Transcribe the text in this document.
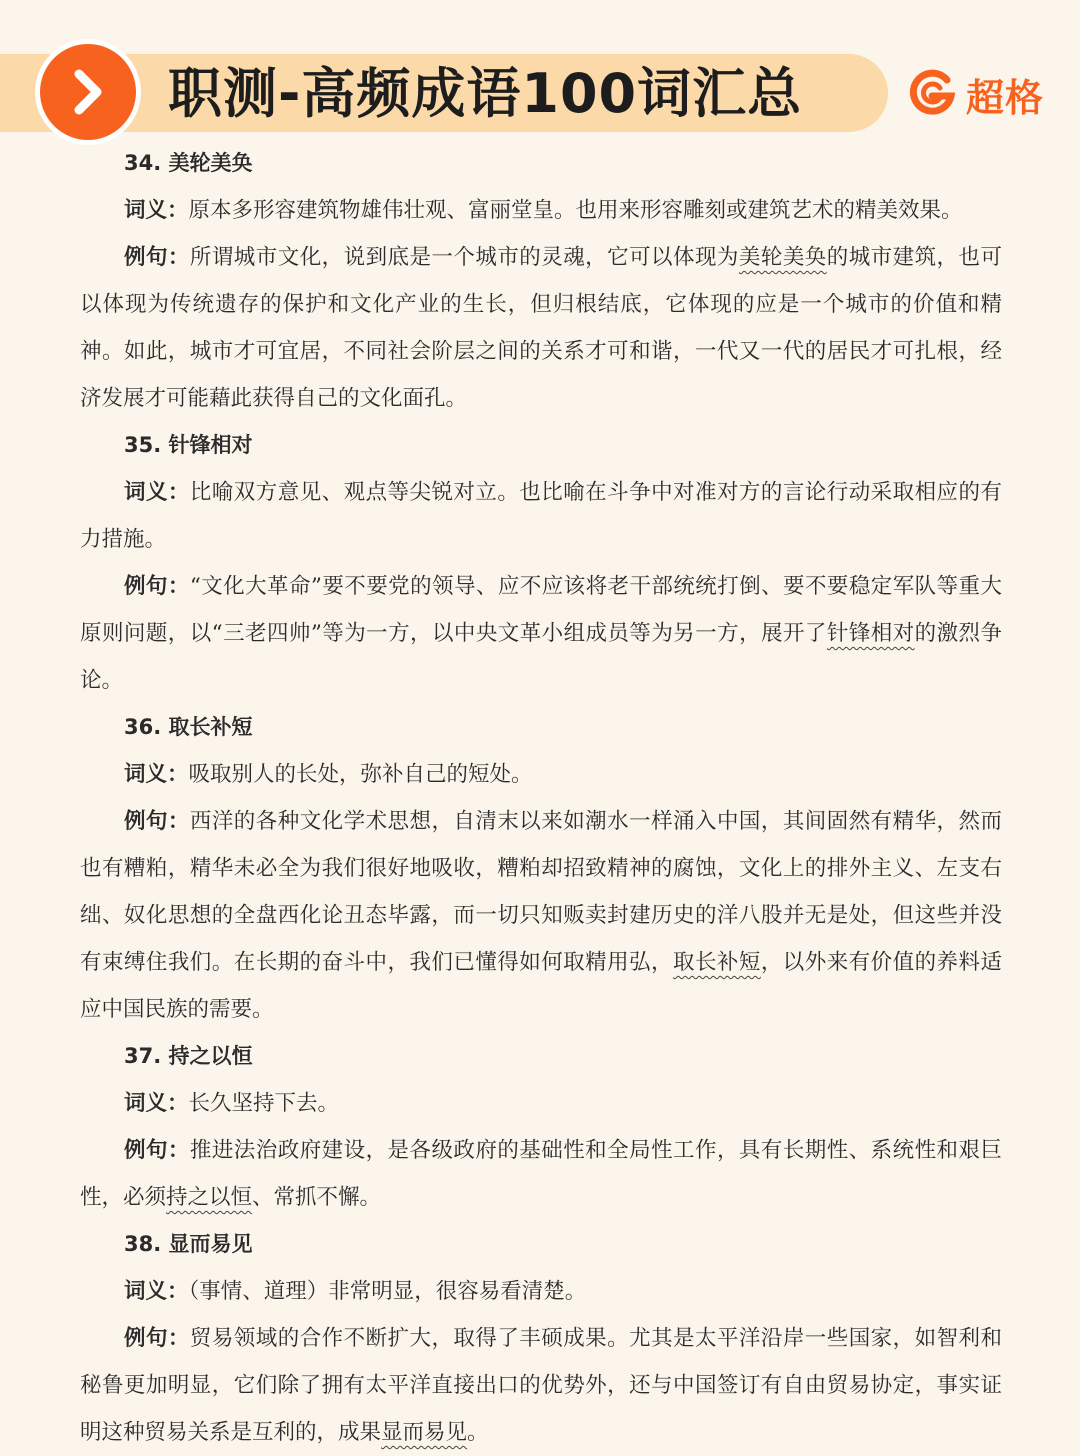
职测-高频成语100词汇总	超格

34. 美轮美奂

词义：原本多形容建筑物雄伟壮观、富丽堂皇。也用来形容雕刻或建筑艺术的精美效果。

例句：所谓城市文化，说到底是一个城市的灵魂，它可以体现为美轮美奂的城市建筑，也可以体现为传统遗存的保护和文化产业的生长，但归根结底，它体现的应是一个城市的价值和精神。如此，城市才可宜居，不同社会阶层之间的关系才可和谐，一代又一代的居民才可扎根，经济发展才可能藉此获得自己的文化面孔。

35. 针锋相对

词义：比喻双方意见、观点等尖锐对立。也比喻在斗争中对准对方的言论行动采取相应的有力措施。

例句：“文化大革命”要不要党的领导、应不应该将老干部统统打倒、要不要稳定军队等重大原则问题，以“三老四帅”等为一方，以中央文革小组成员等为另一方，展开了针锋相对的激烈争论。

36. 取长补短

词义：吸取别人的长处，弥补自己的短处。

例句：西洋的各种文化学术思想，自清末以来如潮水一样涌入中国，其间固然有精华，然而也有糟粕，精华未必全为我们很好地吸收，糟粕却招致精神的腐蚀，文化上的排外主义、左支右绌、奴化思想的全盘西化论丑态毕露，而一切只知贩卖封建历史的洋八股并无是处，但这些并没有束缚住我们。在长期的奋斗中，我们已懂得如何取精用弘，取长补短，以外来有价值的养料适应中国民族的需要。

37. 持之以恒

词义：长久坚持下去。

例句：推进法治政府建设，是各级政府的基础性和全局性工作，具有长期性、系统性和艰巨性，必须持之以恒、常抓不懈。

38. 显而易见

词义：（事情、道理）非常明显，很容易看清楚。

例句：贸易领域的合作不断扩大，取得了丰硕成果。尤其是太平洋沿岸一些国家，如智利和秘鲁更加明显，它们除了拥有太平洋直接出口的优势外，还与中国签订有自由贸易协定，事实证明这种贸易关系是互利的，成果显而易见。
